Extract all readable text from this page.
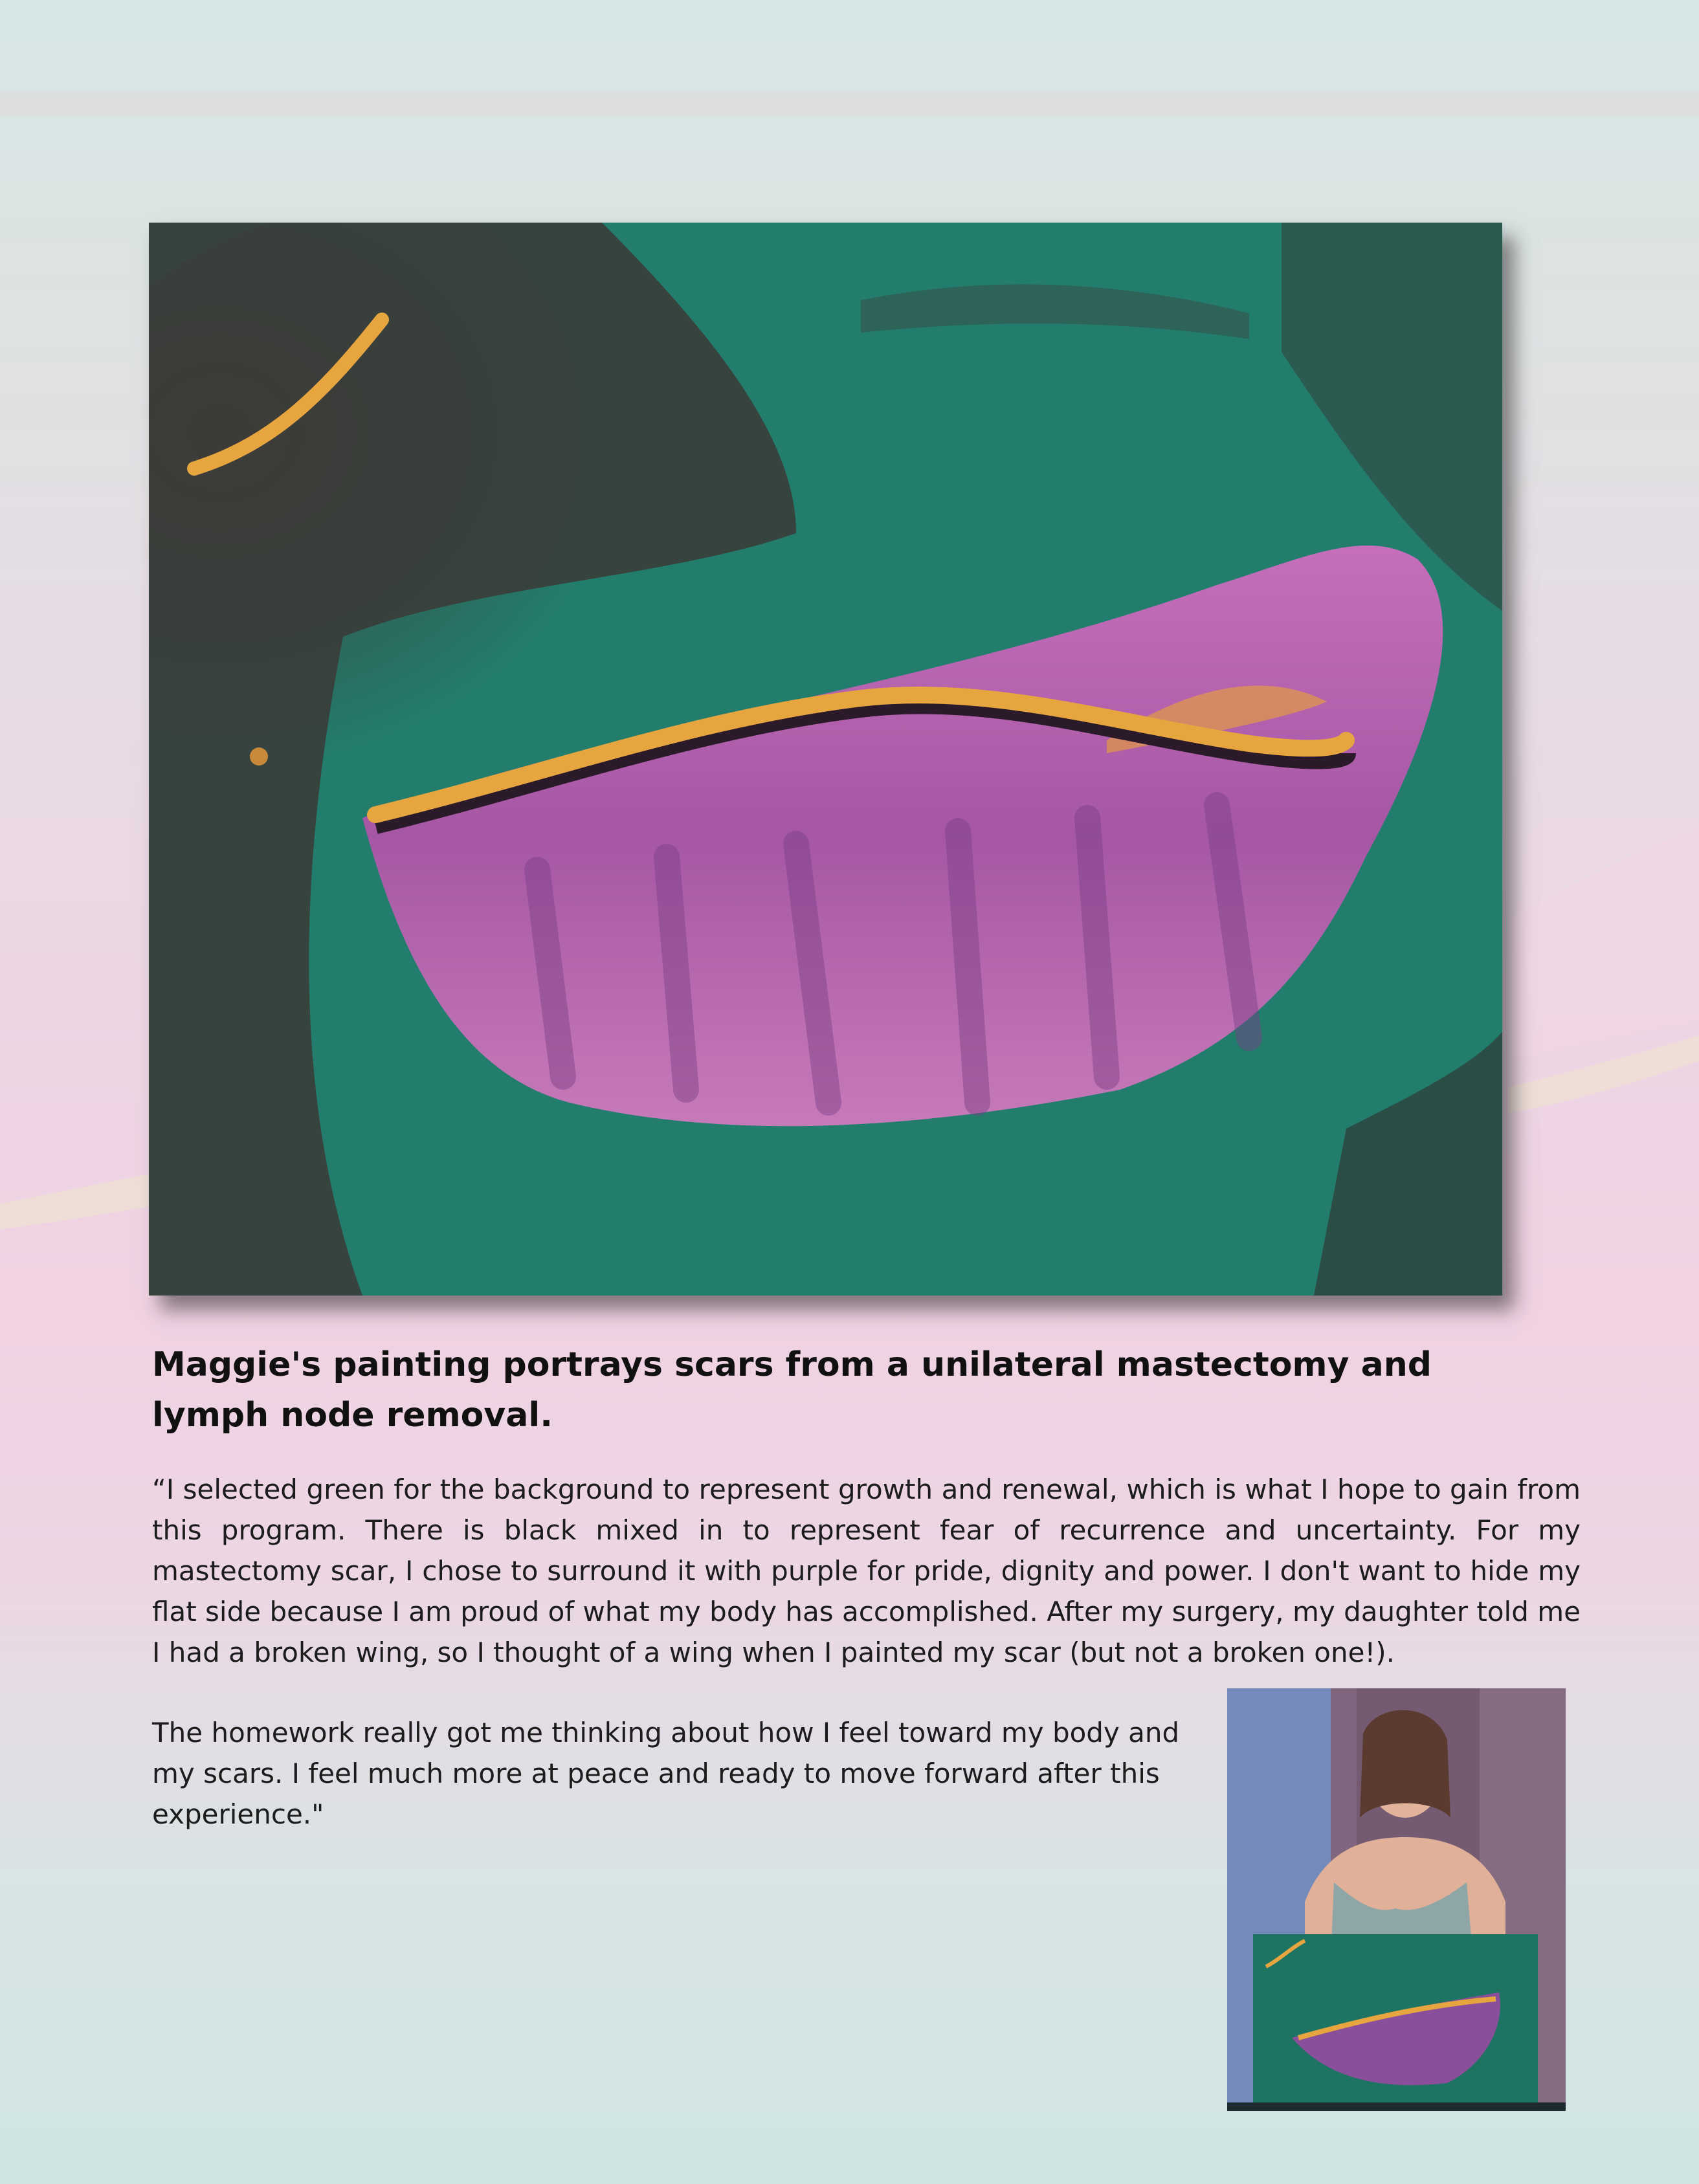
Maggie's painting portrays scars from a unilateral mastectomy and lymph node removal.

“I selected green for the background to represent growth and renewal, which is what I hope to gain from this program. There is black mixed in to represent fear of recurrence and uncertainty. For my mastectomy scar, I chose to surround it with purple for pride, dignity and power. I don't want to hide my flat side because I am proud of what my body has accomplished. After my surgery, my daughter told me I had a broken wing, so I thought of a wing when I painted my scar (but not a broken one!).

The homework really got me thinking about how I feel toward my body and my scars. I feel much more at peace and ready to move forward after this experience."
